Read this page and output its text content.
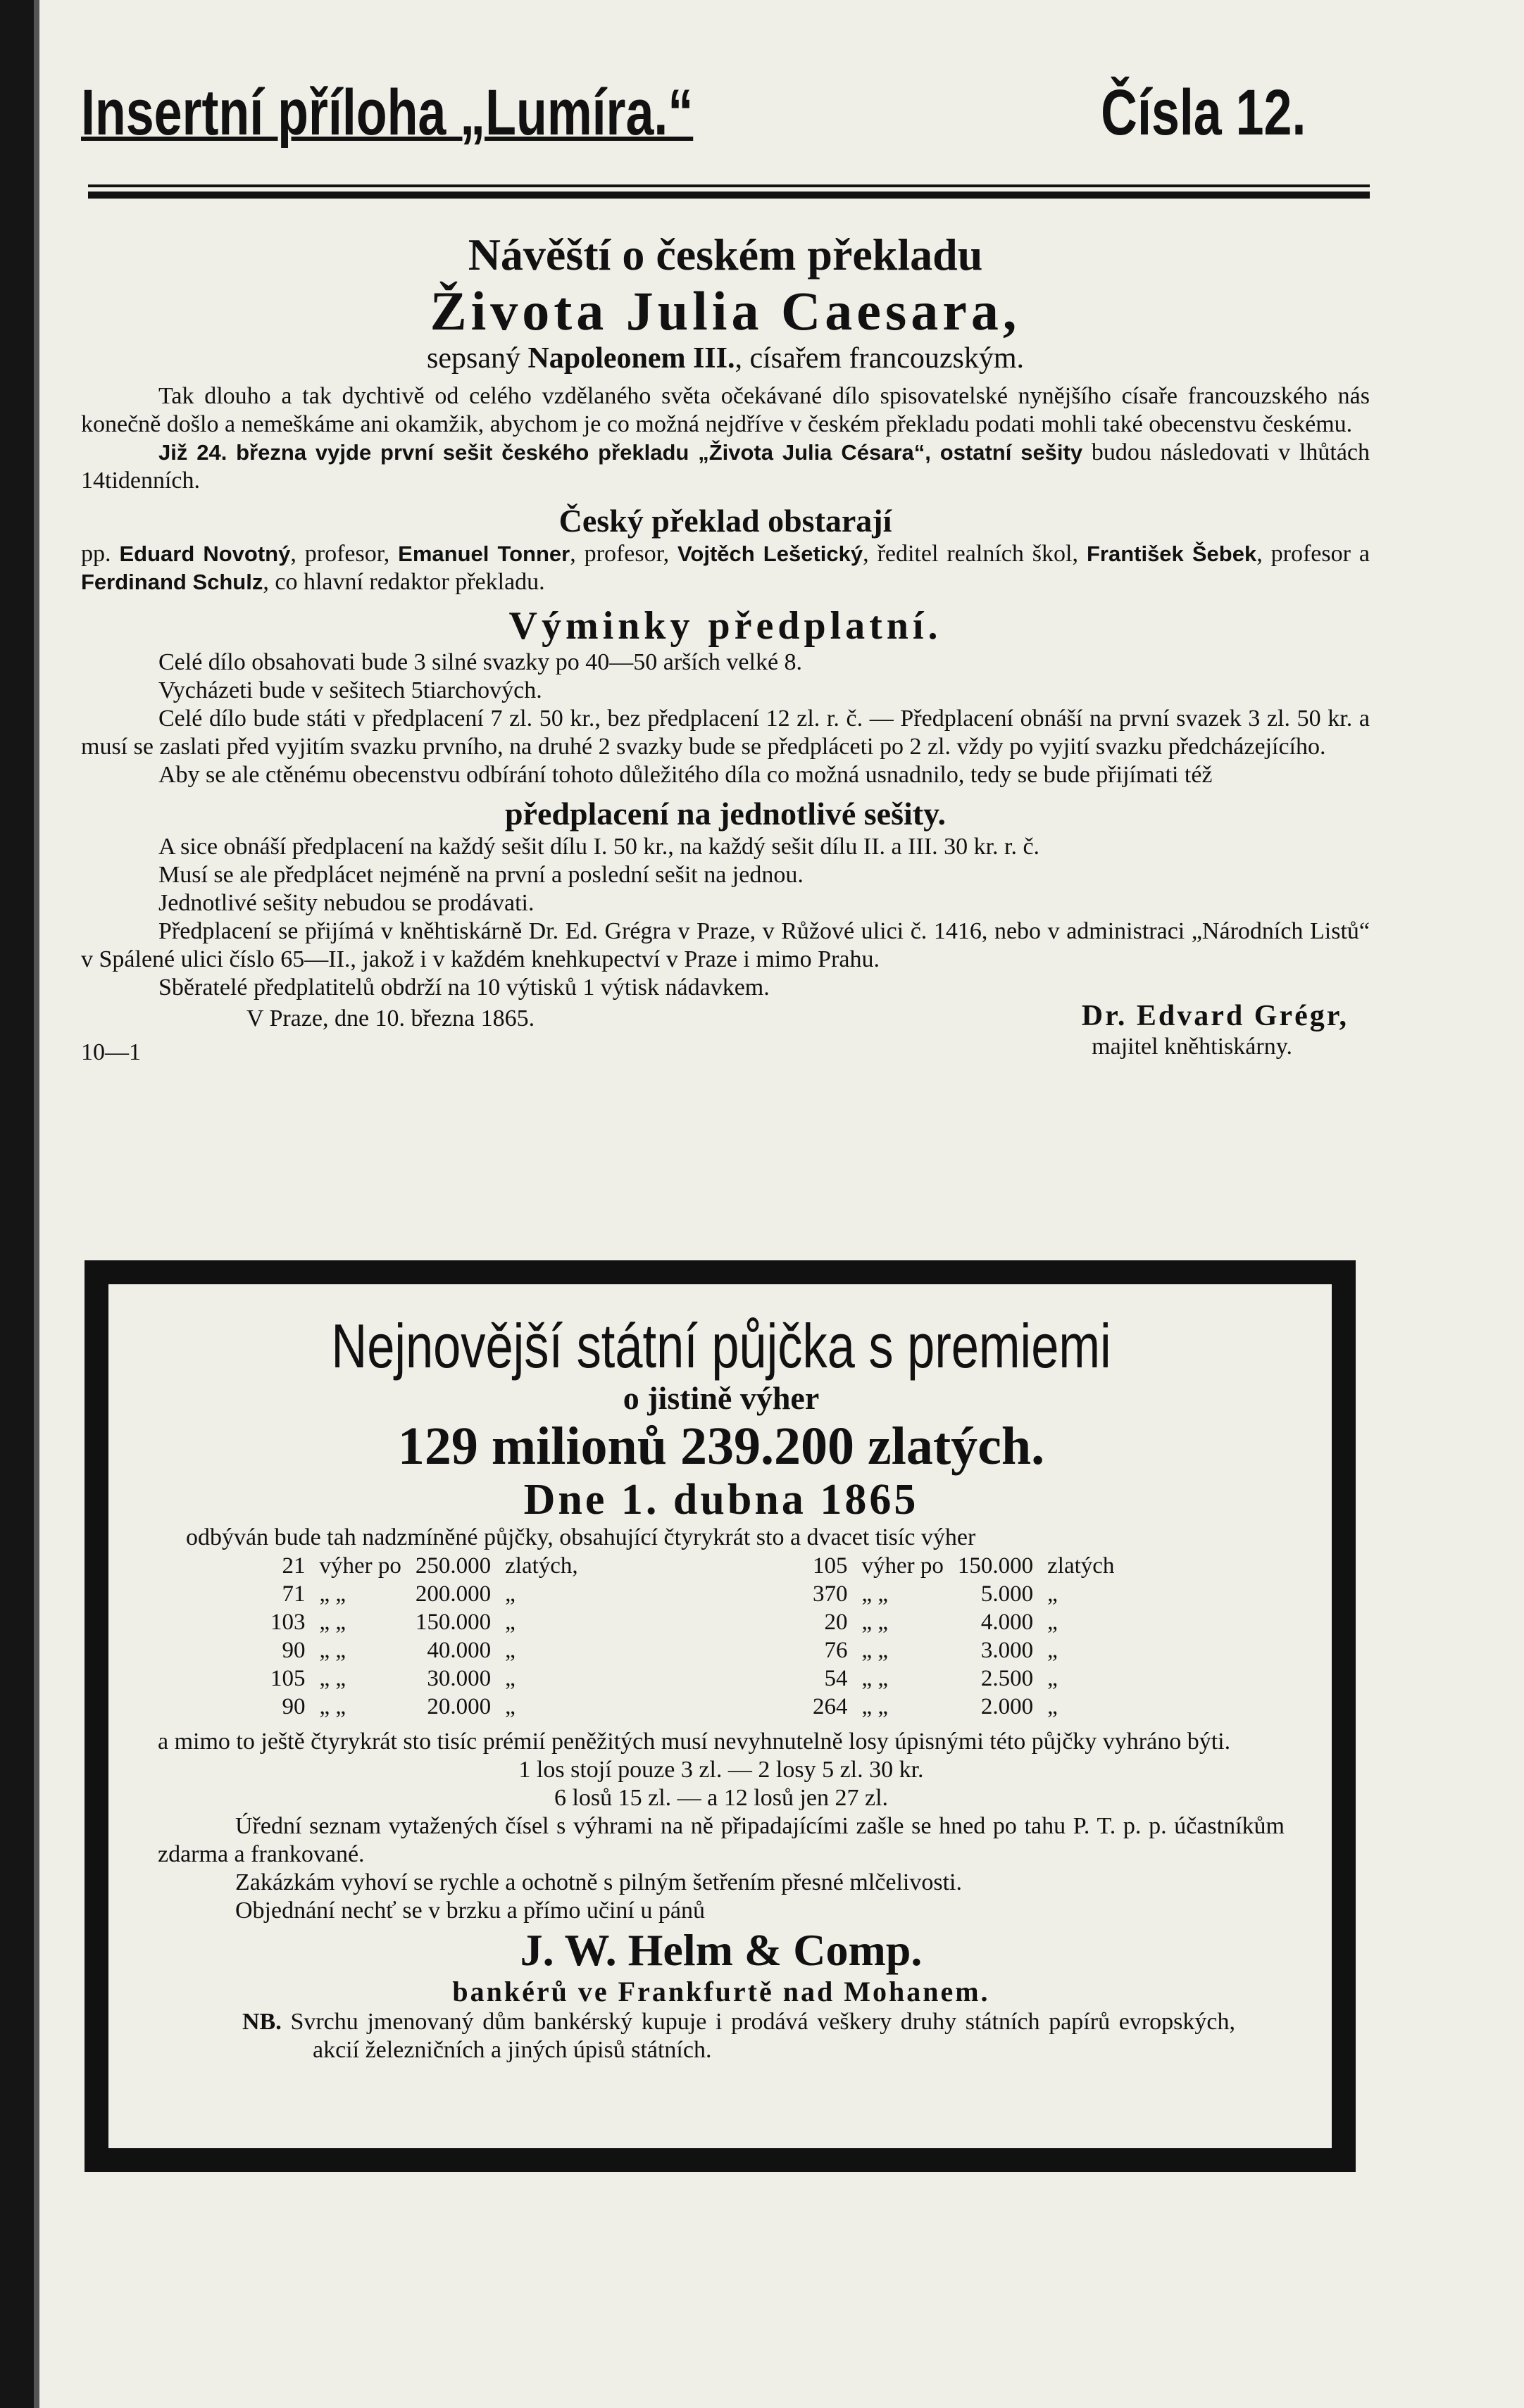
Insertní příloha „Lumíra.“	Čísla 12.

Návěští o českém překladu

Života Julia Caesara,

sepsaný Napoleonem III., císařem francouzským.

Tak dlouho a tak dychtivě od celého vzdělaného světa očekávané dílo spisovatelské nynějšího císaře francouzského nás konečně došlo a nemeškáme ani okamžik, abychom je co možná nejdříve v českém překladu podati mohli také obecenstvu českému.

Již 24. března vyjde první sešit českého překladu „Života Julia Césara“, ostatní sešity budou následovati v lhůtách 14tidenních.

Český překlad obstarají

pp. Eduard Novotný, profesor, Emanuel Tonner, profesor, Vojtěch Lešetický, ředitel realních škol, František Šebek, profesor a Ferdinand Schulz, co hlavní redaktor překladu.

Výminky předplatní.

Celé dílo obsahovati bude 3 silné svazky po 40—50 arších velké 8.

Vycházeti bude v sešitech 5tiarchových.

Celé dílo bude státi v předplacení 7 zl. 50 kr., bez předplacení 12 zl. r. č. — Předplacení obnáší na první svazek 3 zl. 50 kr. a musí se zaslati před vyjitím svazku prvního, na druhé 2 svazky bude se předpláceti po 2 zl. vždy po vyjití svazku předcházejícího.

Aby se ale ctěnému obecenstvu odbírání tohoto důležitého díla co možná usnadnilo, tedy se bude přijímati též

předplacení na jednotlivé sešity.

A sice obnáší předplacení na každý sešit dílu I. 50 kr., na každý sešit dílu II. a III. 30 kr. r. č.

Musí se ale předplácet nejméně na první a poslední sešit na jednou.

Jednotlivé sešity nebudou se prodávati.

Předplacení se přijímá v kněhtiskárně Dr. Ed. Grégra v Praze, v Růžové ulici č. 1416, nebo v administraci „Národních Listů“ v Spálené ulici číslo 65—II., jakož i v každém knehkupectví v Praze i mimo Prahu.

Sběratelé předplatitelů obdrží na 10 výtisků 1 výtisk nádavkem.

V Praze, dne 10. března 1865.	Dr. Edvard Grégr,
majitel kněhtiskárny.
10—1

Nejnovější státní půjčka s premiemi

o jistině výher

129 milionů 239.200 zlatých.

Dne 1. dubna 1865

odbýván bude tah nadzmíněné půjčky, obsahující čtyrykrát sto a dvacet tisíc výher

21	výher po	250.000	zlatých,
71	„ „	200.000	„
103	„ „	150.000	„
90	„ „	40.000	„
105	„ „	30.000	„
90	„ „	20.000	„
105	výher po	150.000	zlatých
370	„ „	5.000	„
20	„ „	4.000	„
76	„ „	3.000	„
54	„ „	2.500	„
264	„ „	2.000	„

a mimo to ještě čtyrykrát sto tisíc prémií peněžitých musí nevyhnutelně losy úpisnými této půjčky vyhráno býti.

1 los stojí pouze 3 zl. — 2 losy 5 zl. 30 kr.

6 losů 15 zl. — a 12 losů jen 27 zl.

Úřední seznam vytažených čísel s výhrami na ně připadajícími zašle se hned po tahu P. T. p. p. účastníkům zdarma a frankované.

Zakázkám vyhoví se rychle a ochotně s pilným šetřením přesné mlčelivosti.

Objednání nechť se v brzku a přímo učiní u pánů

J. W. Helm & Comp.

bankérů ve Frankfurtě nad Mohanem.

NB. Svrchu jmenovaný dům bankérský kupuje i prodává veškery druhy státních papírů evropských, akcií železničních a jiných úpisů státních.
